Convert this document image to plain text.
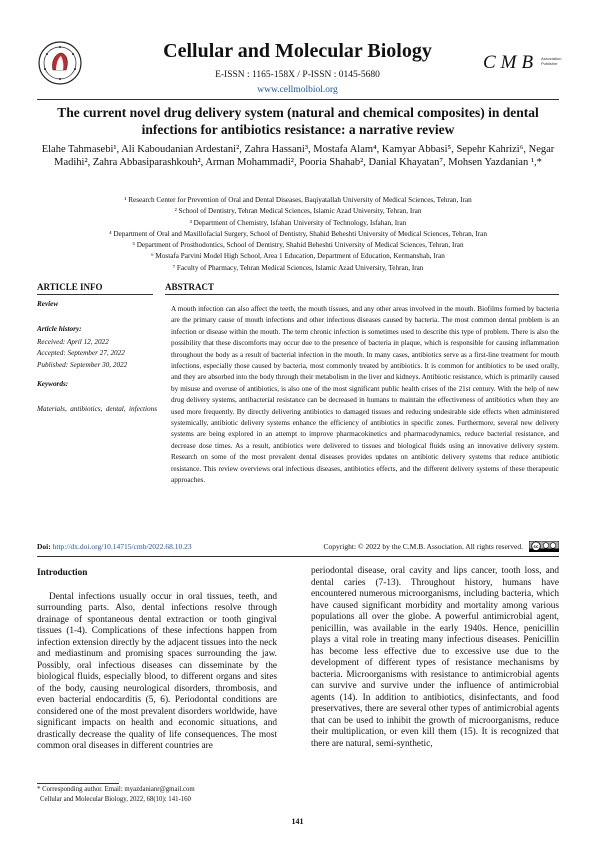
Cellular and Molecular Biology
E-ISSN : 1165-158X / P-ISSN : 0145-5680
www.cellmolbiol.org
CMB Association Publisher
The current novel drug delivery system (natural and chemical composites) in dental infections for antibiotics resistance: a narrative review
Elahe Tahmasebi¹, Ali Kaboudanian Ardestani², Zahra Hassani³, Mostafa Alam⁴, Kamyar Abbasi⁵, Sepehr Kahrizi⁶, Negar Madihi², Zahra Abbasiparashkouh², Arman Mohammadi², Pooria Shahab², Danial Khayatan⁷, Mohsen Yazdanian ¹,*
¹ Research Center for Prevention of Oral and Dental Diseases, Baqiyatallah University of Medical Sciences, Tehran, Iran
² School of Dentistry, Tehran Medical Sciences, Islamic Azad University, Tehran, Iran
³ Department of Chemistry, Isfahan University of Technology, Isfahan, Iran
⁴ Department of Oral and Maxillofacial Surgery, School of Dentistry, Shahid Beheshti University of Medical Sciences, Tehran, Iran
⁵ Department of Prosthodontics, School of Dentistry, Shahid Beheshti University of Medical Sciences, Tehran, Iran
⁶ Mostafa Parvini Model High School, Area 1 Education, Department of Education, Kermanshah, Iran
⁷ Faculty of Pharmacy, Tehran Medical Sciences, Islamic Azad University, Tehran, Iran
ARTICLE INFO	ABSTRACT
Review
Article history:
Received: April 12, 2022
Accepted: September 27, 2022
Published: September 30, 2022
Keywords:
Materials, antibiotics, dental, infections
A mouth infection can also affect the teeth, the mouth tissues, and any other areas involved in the mouth. Biofilms formed by bacteria are the primary cause of mouth infections and other infectious diseases caused by bacteria. The most common dental problem is an infection or disease within the mouth. The term chronic infection is sometimes used to describe this type of problem. There is also the possibility that these discomforts may occur due to the presence of bacteria in plaque, which is responsible for causing inflammation throughout the body as a result of bacterial infection in the mouth. In many cases, antibiotics serve as a first-line treatment for mouth infections, especially those caused by bacteria, most commonly treated by antibiotics. It is common for antibiotics to be used orally, and they are absorbed into the body through their metabolism in the liver and kidneys. Antibiotic resistance, which is primarily caused by misuse and overuse of antibiotics, is also one of the most significant public health crises of the 21st century. With the help of new drug delivery systems, antibacterial resistance can be decreased in humans to maintain the effectiveness of antibiotics when they are used more frequently. By directly delivering antibiotics to damaged tissues and reducing undesirable side effects when administered systemically, antibiotic delivery systems enhance the efficiency of antibiotics in specific zones. Furthermore, several new delivery systems are being explored in an attempt to improve pharmacokinetics and pharmacodynamics, reduce bacterial resistance, and decrease dose times. As a result, antibiotics were delivered to tissues and biological fluids using an innovative delivery system. Research on some of the most prevalent dental diseases provides updates on antibiotic delivery systems that reduce antibiotic resistance. This review overviews oral infectious diseases, antibiotics effects, and the different delivery systems of these therapeutic approaches.
Doi: http://dx.doi.org/10.14715/cmb/2022.68.10.23	Copyright: © 2022 by the C.M.B. Association. All rights reserved. cc
Introduction
Dental infections usually occur in oral tissues, teeth, and surrounding parts. Also, dental infections resolve through drainage of spontaneous dental extraction or tooth gingival tissues (1-4). Complications of these infections happen from infection extension directly by the adjacent tissues into the neck and mediastinum and promising spaces surrounding the jaw. Possibly, oral infectious diseases can disseminate by the biological fluids, especially blood, to different organs and sites of the body, causing neurological disorders, thrombosis, and even bacterial endocarditis (5, 6). Periodontal conditions are considered one of the most prevalent disorders worldwide, have significant impacts on health and economic situations, and drastically decrease the quality of life consequences. The most common oral diseases in different countries are
periodontal disease, oral cavity and lips cancer, tooth loss, and dental caries (7-13). Throughout history, humans have encountered numerous microorganisms, including bacteria, which have caused significant morbidity and mortality among various populations all over the globe. A powerful antimicrobial agent, penicillin, was available in the early 1940s. Hence, penicillin plays a vital role in treating many infectious diseases. Penicillin has become less effective due to excessive use due to the development of different types of resistance mechanisms by bacteria. Microorganisms with resistance to antimicrobial agents can survive and survive under the influence of antimicrobial agents (14). In addition to antibiotics, disinfectants, and food preservatives, there are several other types of antimicrobial agents that can be used to inhibit the growth of microorganisms, reduce their multiplication, or even kill them (15). It is recognized that there are natural, semi-synthetic,
* Corresponding author. Email: myazdanianr@gmail.com
Cellular and Molecular Biology, 2022, 68(10): 141-160
141
